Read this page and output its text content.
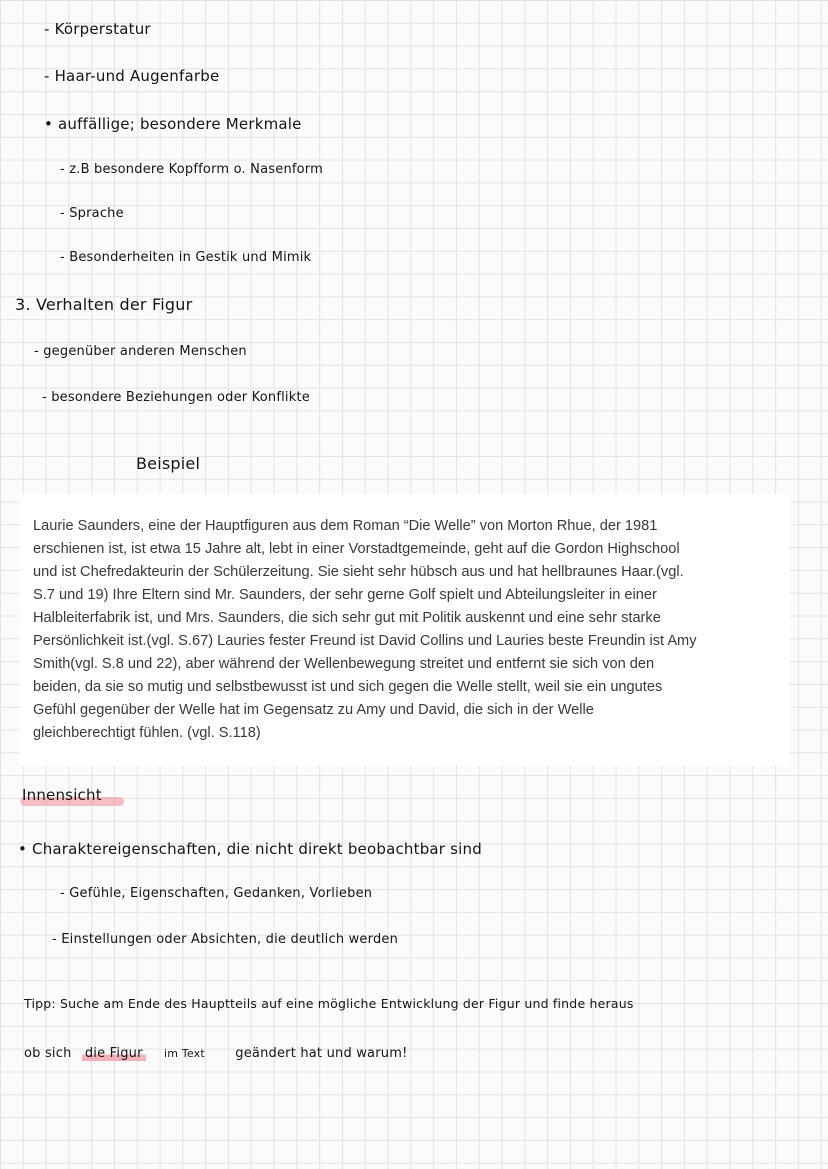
- Körperstatur
- Haar-und Augenfarbe
• auffällige; besondere Merkmale
- z.B besondere Kopfform o. Nasenform
- Sprache
- Besonderheiten in Gestik und Mimik
3. Verhalten der Figur
- gegenüber anderen Menschen
- besondere Beziehungen oder Konflikte
Beispiel
Laurie Saunders, eine der Hauptfiguren aus dem Roman “Die Welle” von Morton Rhue, der 1981
erschienen ist, ist etwa 15 Jahre alt, lebt in einer Vorstadtgemeinde, geht auf die Gordon Highschool
und ist Chefredakteurin der Schülerzeitung. Sie sieht sehr hübsch aus und hat hellbraunes Haar.(vgl.
S.7 und 19) Ihre Eltern sind Mr. Saunders, der sehr gerne Golf spielt und Abteilungsleiter in einer
Halbleiterfabrik ist, und Mrs. Saunders, die sich sehr gut mit Politik auskennt und eine sehr starke
Persönlichkeit ist.(vgl. S.67) Lauries fester Freund ist David Collins und Lauries beste Freundin ist Amy
Smith(vgl. S.8 und 22), aber während der Wellenbewegung streitet und entfernt sie sich von den
beiden, da sie so mutig und selbstbewusst ist und sich gegen die Welle stellt, weil sie ein ungutes
Gefühl gegenüber der Welle hat im Gegensatz zu Amy und David, die sich in der Welle
gleichberechtigt fühlen. (vgl. S.118)
Innensicht
• Charaktereigenschaften, die nicht direkt beobachtbar sind
- Gefühle, Eigenschaften, Gedanken, Vorlieben
- Einstellungen oder Absichten, die deutlich werden
Tipp: Suche am Ende des Hauptteils auf eine mögliche Entwicklung der Figur und finde heraus
ob sich die Figur im Text geändert hat und warum!
